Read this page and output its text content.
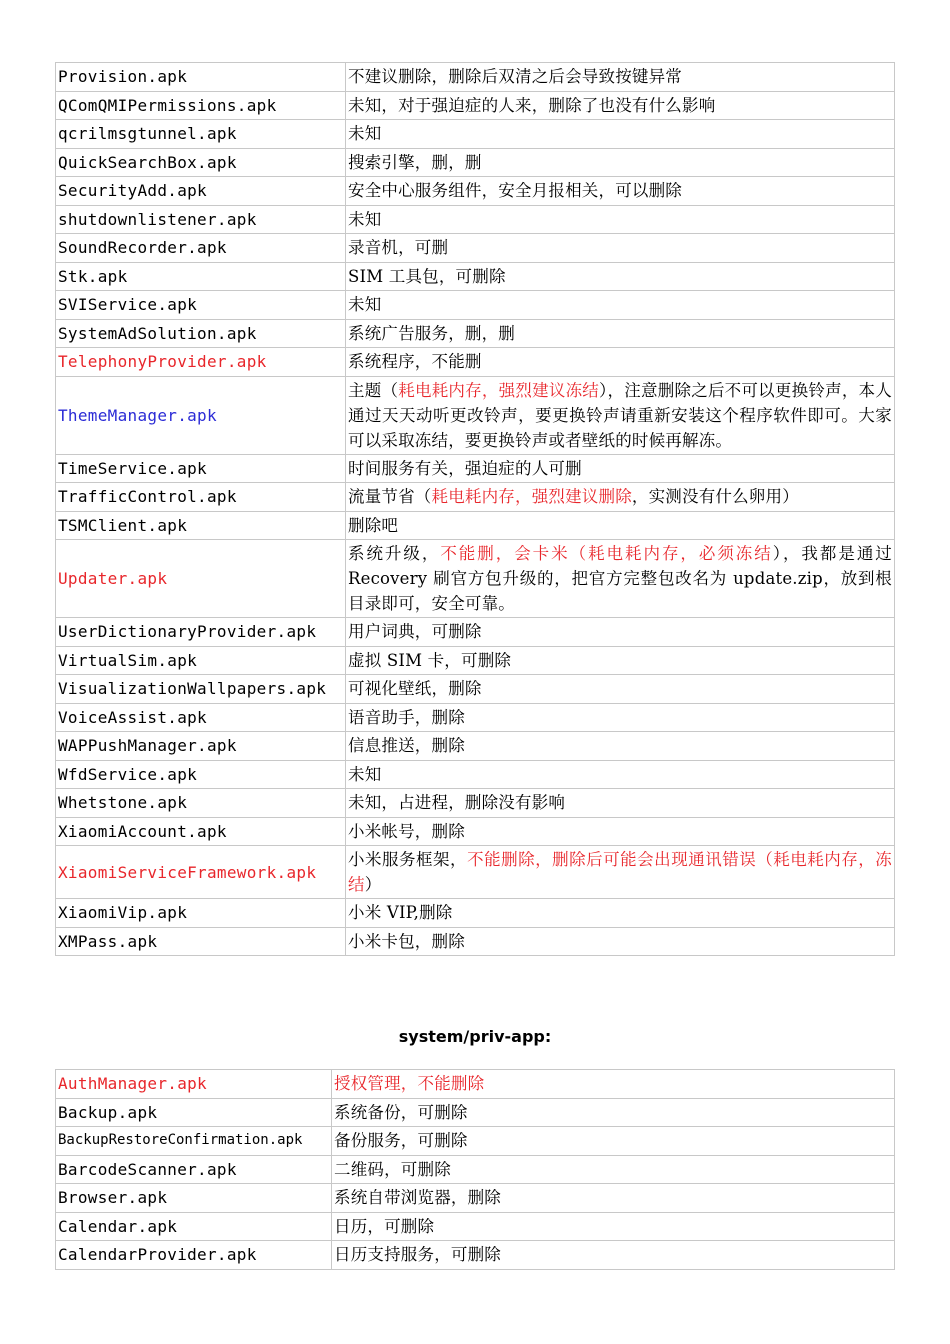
Provision.apk	不建议删除，删除后双清之后会导致按键异常
QComQMIPermissions.apk	未知，对于强迫症的人来，删除了也没有什么影响
qcrilmsgtunnel.apk	未知
QuickSearchBox.apk	搜索引擎，删，删
SecurityAdd.apk	安全中心服务组件，安全月报相关，可以删除
shutdownlistener.apk	未知
SoundRecorder.apk	录音机，可删
Stk.apk	SIM 工具包，可删除
SVIService.apk	未知
SystemAdSolution.apk	系统广告服务，删，删
TelephonyProvider.apk	系统程序，不能删
ThemeManager.apk	主题（耗电耗内存，强烈建议冻结），注意删除之后不可以更换铃声，本人通过天天动听更改铃声，要更换铃声请重新安装这个程序软件即可。大家可以采取冻结，要更换铃声或者壁纸的时候再解冻。
TimeService.apk	时间服务有关，强迫症的人可删
TrafficControl.apk	流量节省（耗电耗内存，强烈建议删除，实测没有什么卵用）
TSMClient.apk	删除吧
Updater.apk	系统升级，不能删，会卡米（耗电耗内存，必须冻结），我都是通过 Recovery 刷官方包升级的，把官方完整包改名为 update.zip，放到根目录即可，安全可靠。
UserDictionaryProvider.apk	用户词典，可删除
VirtualSim.apk	虚拟 SIM 卡，可删除
VisualizationWallpapers.apk	可视化壁纸，删除
VoiceAssist.apk	语音助手，删除
WAPPushManager.apk	信息推送，删除
WfdService.apk	未知
Whetstone.apk	未知，占进程，删除没有影响
XiaomiAccount.apk	小米帐号，删除
XiaomiServiceFramework.apk	小米服务框架，不能删除，删除后可能会出现通讯错误（耗电耗内存，冻结）
XiaomiVip.apk	小米 VIP,删除
XMPass.apk	小米卡包，删除
system/priv-app:
AuthManager.apk	授权管理，不能删除
Backup.apk	系统备份，可删除
BackupRestoreConfirmation.apk	备份服务，可删除
BarcodeScanner.apk	二维码，可删除
Browser.apk	系统自带浏览器，删除
Calendar.apk	日历，可删除
CalendarProvider.apk	日历支持服务，可删除
